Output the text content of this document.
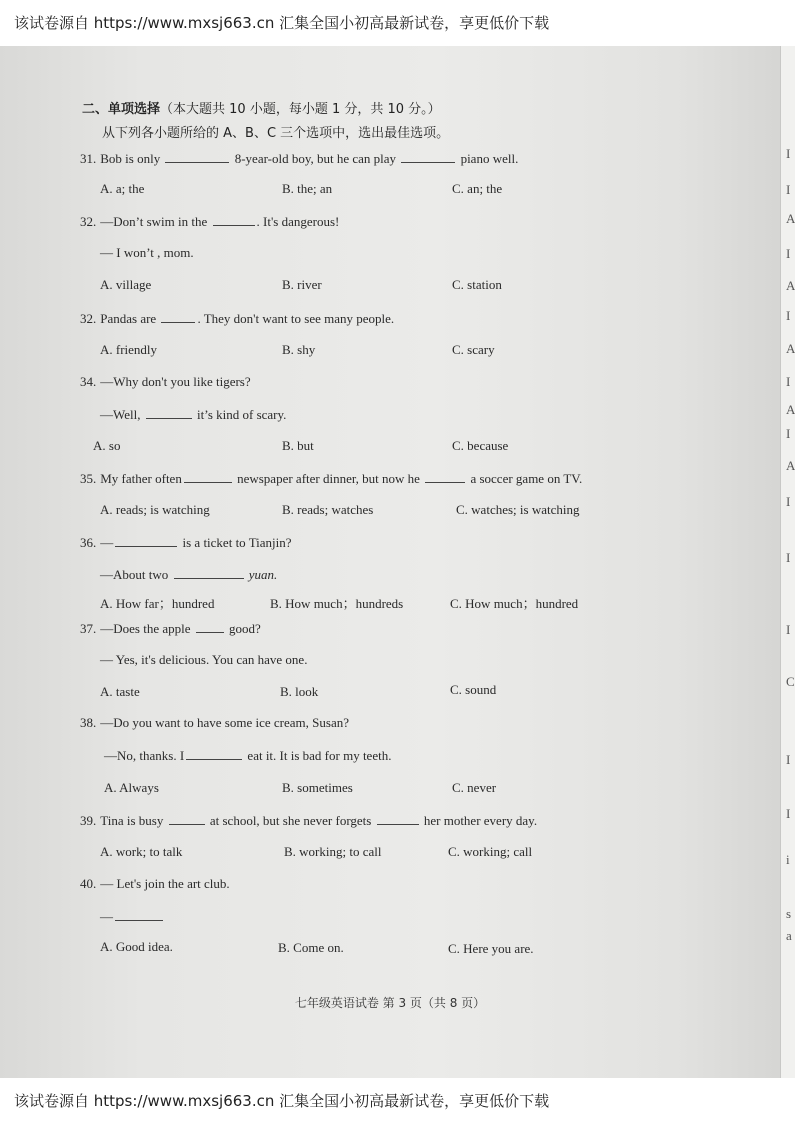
该试卷源自 https://www.mxsj663.cn 汇集全国小初高最新试卷，享更低价下载
二、单项选择（本大题共 10 小题，每小题 1 分，共 10 分。）
从下列各小题所给的 A、B、C 三个选项中，选出最佳选项。
31. Bob is only	8-year-old boy, but he can play	piano well.
A. a; the	B. the; an	C. an; the
32. —Don’t swim in the	. It's dangerous!
— I won’t , mom.
A. village	B. river	C. station
32. Pandas are	. They don't want to see many people.
A. friendly	B. shy	C. scary
34. —Why don't you like tigers?
—Well,	it’s kind of scary.
A. so	B. but	C. because
35. My father often	newspaper after dinner, but now he	a soccer game on TV.
A. reads; is watching	B. reads; watches	C. watches; is watching
36. —	is a ticket to Tianjin?
—About two	yuan.
A. How far；hundred	B. How much；hundreds	C. How much；hundred
37. —Does the apple	good?
— Yes, it's delicious. You can have one.
A. taste	B. look	C. sound
38. —Do you want to have some ice cream, Susan?
—No, thanks. I	eat it. It is bad for my teeth.
A. Always	B. sometimes	C. never
39. Tina is busy	at school, but she never forgets	her mother every day.
A. work; to talk	B. working; to call	C. working; call
40. — Let's join the art club.
—
A. Good idea.	B. Come on.	C. Here you are.
七年级英语试卷 第 3 页（共 8 页）
I
I
A
I
A
I
A
I
A
I
A
I
I
I
C
I
I
i
s
a
该试卷源自 https://www.mxsj663.cn 汇集全国小初高最新试卷，享更低价下载
